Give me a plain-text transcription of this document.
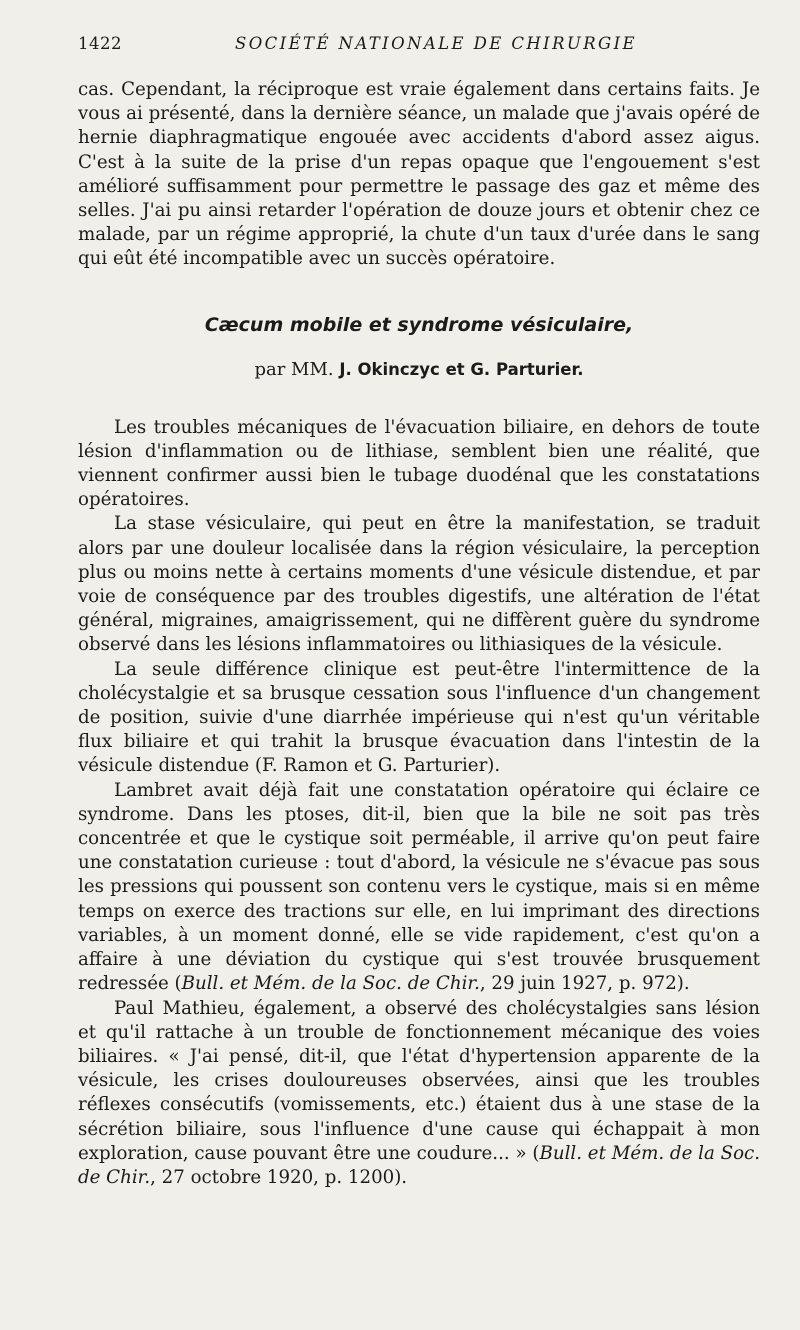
1422	SOCIÉTÉ NATIONALE DE CHIRURGIE

cas. Cependant, la réciproque est vraie également dans certains faits. Je vous ai présenté, dans la dernière séance, un malade que j'avais opéré de hernie diaphragmatique engouée avec accidents d'abord assez aigus. C'est à la suite de la prise d'un repas opaque que l'engouement s'est amélioré suffisamment pour permettre le passage des gaz et même des selles. J'ai pu ainsi retarder l'opération de douze jours et obtenir chez ce malade, par un régime approprié, la chute d'un taux d'urée dans le sang qui eût été incompatible avec un succès opératoire.

Cæcum mobile et syndrome vésiculaire,
par MM. J. Okinczyc et G. Parturier.

Les troubles mécaniques de l'évacuation biliaire, en dehors de toute lésion d'inflammation ou de lithiase, semblent bien une réalité, que viennent confirmer aussi bien le tubage duodénal que les constatations opératoires.

La stase vésiculaire, qui peut en être la manifestation, se traduit alors par une douleur localisée dans la région vésiculaire, la perception plus ou moins nette à certains moments d'une vésicule distendue, et par voie de conséquence par des troubles digestifs, une altération de l'état général, migraines, amaigrissement, qui ne diffèrent guère du syndrome observé dans les lésions inflammatoires ou lithiasiques de la vésicule.

La seule différence clinique est peut-être l'intermittence de la cholécystalgie et sa brusque cessation sous l'influence d'un changement de position, suivie d'une diarrhée impérieuse qui n'est qu'un véritable flux biliaire et qui trahit la brusque évacuation dans l'intestin de la vésicule distendue (F. Ramon et G. Parturier).

Lambret avait déjà fait une constatation opératoire qui éclaire ce syndrome. Dans les ptoses, dit-il, bien que la bile ne soit pas très concentrée et que le cystique soit perméable, il arrive qu'on peut faire une constatation curieuse : tout d'abord, la vésicule ne s'évacue pas sous les pressions qui poussent son contenu vers le cystique, mais si en même temps on exerce des tractions sur elle, en lui imprimant des directions variables, à un moment donné, elle se vide rapidement, c'est qu'on a affaire à une déviation du cystique qui s'est trouvée brusquement redressée (Bull. et Mém. de la Soc. de Chir., 29 juin 1927, p. 972).

Paul Mathieu, également, a observé des cholécystalgies sans lésion et qu'il rattache à un trouble de fonctionnement mécanique des voies biliaires. « J'ai pensé, dit-il, que l'état d'hypertension apparente de la vésicule, les crises douloureuses observées, ainsi que les troubles réflexes consécutifs (vomissements, etc.) étaient dus à une stase de la sécrétion biliaire, sous l'influence d'une cause qui échappait à mon exploration, cause pouvant être une coudure... » (Bull. et Mém. de la Soc. de Chir., 27 octobre 1920, p. 1200).
